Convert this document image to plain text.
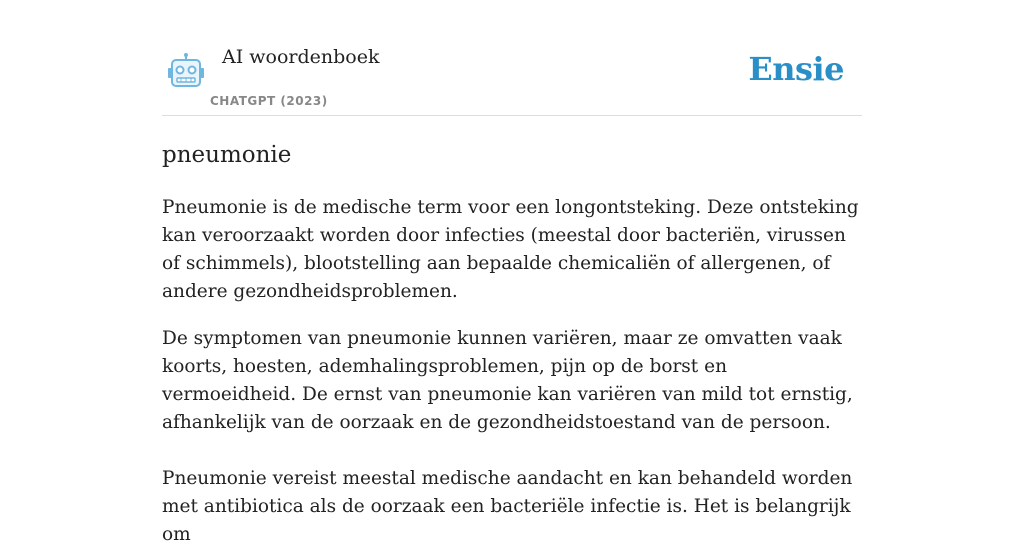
AI woordenboek
CHATGPT (2023)
Ensie
pneumonie

Pneumonie is de medische term voor een longontsteking. Deze ontsteking kan veroorzaakt worden door infecties (meestal door bacteriën, virussen of schimmels), blootstelling aan bepaalde chemicaliën of allergenen, of andere gezondheidsproblemen.

De symptomen van pneumonie kunnen variëren, maar ze omvatten vaak koorts, hoesten, ademhalingsproblemen, pijn op de borst en vermoeidheid. De ernst van pneumonie kan variëren van mild tot ernstig, afhankelijk van de oorzaak en de gezondheidstoestand van de persoon.

Pneumonie vereist meestal medische aandacht en kan behandeld worden met antibiotica als de oorzaak een bacteriële infectie is. Het is belangrijk om
